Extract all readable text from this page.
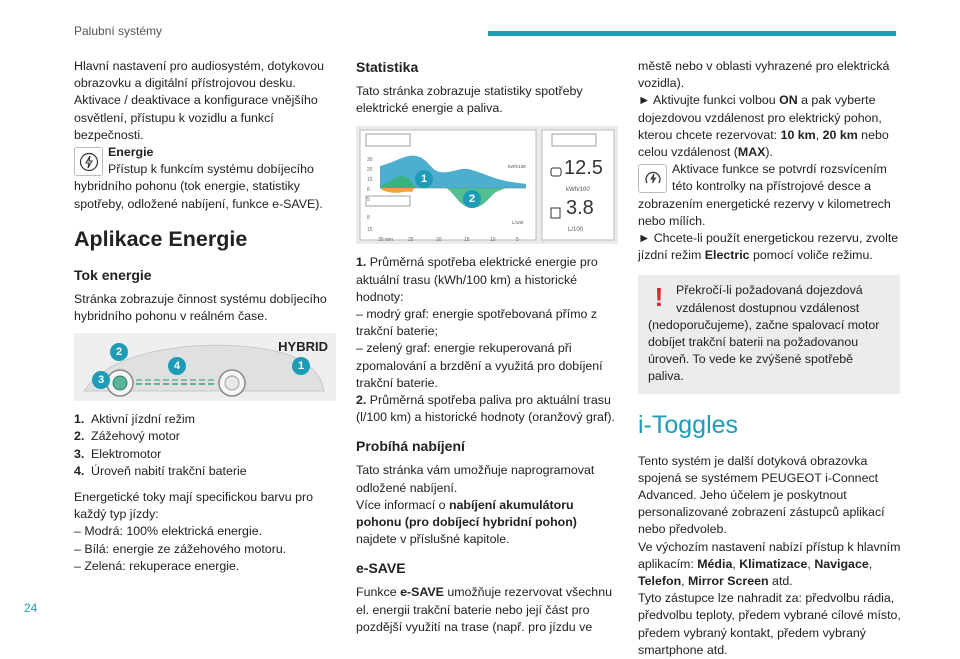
Palubní systémy
24

Hlavní nastavení pro audiosystém, dotykovou obrazovku a digitální přístrojovou desku.

Aktivace / deaktivace a konfigurace vnějšího osvětlení, přístupu k vozidlu a funkcí bezpečnosti.

Energie

Přístup k funkcím systému dobíjecího hybridního pohonu (tok energie, statistiky spotřeby, odložené nabíjení, funkce e-SAVE).

Aplikace Energie
Tok energie

Stránka zobrazuje činnost systému dobíjecího hybridního pohonu v reálném čase.

HYBRID
1
2
3
4
1. Aktivní jízdní režim
2. Zážehový motor
3. Elektromotor
4. Úroveň nabití trakční baterie

Energetické toky mají specifickou barvu pro každý typ jízdy:

– Modrá: 100% elektrická energie.

– Bílá: energie ze zážehového motoru.

– Zelená: rekuperace energie.

Statistika

Tato stránka zobrazuje statistiky spotřeby elektrické energie a paliva.

30
25
15
8
5
8
15
30 min	25	20	15	10	5
kWh/10E
L/10E
12.5
kWh/100
3.8
L/100
1
2

1. Průměrná spotřeba elektrické energie pro aktuální trasu (kWh/100 km) a historické hodnoty:

– modrý graf: energie spotřebovaná přímo z trakční baterie;

– zelený graf: energie rekuperovaná při zpomalování a brzdění a využitá pro dobíjení trakční baterie.

2. Průměrná spotřeba paliva pro aktuální trasu (l/100 km) a historické hodnoty (oranžový graf).

Probíhá nabíjení

Tato stránka vám umožňuje naprogramovat odložené nabíjení.

Více informací o nabíjení akumulátoru pohonu (pro dobíjecí hybridní pohon) najdete v příslušné kapitole.

e-SAVE

Funkce e-SAVE umožňuje rezervovat všechnu el. energii trakční baterie nebo její část pro pozdější využití na trase (např. pro jízdu ve

městě nebo v oblasti vyhrazené pro elektrická vozidla).

► Aktivujte funkci volbou ON a pak vyberte dojezdovou vzdálenost pro elektrický pohon, kterou chcete rezervovat: 10 km, 20 km nebo celou vzdálenost (MAX).

Aktivace funkce se potvrdí rozsvícením této kontrolky na přístrojové desce a zobrazením energetické rezervy v kilometrech nebo mílích.

► Chcete-li použít energetickou rezervu, zvolte jízdní režim Electric pomocí voliče režimu.

!	Překročí-li požadovaná dojezdová vzdálenost dostupnou vzdálenost (nedoporučujeme), začne spalovací motor dobíjet trakční baterii na požadovanou úroveň. To vede ke zvýšené spotřebě paliva.

i-Toggles

Tento systém je další dotyková obrazovka spojená se systémem PEUGEOT i-Connect Advanced. Jeho účelem je poskytnout personalizované zobrazení zástupců aplikací nebo předvoleb.

Ve výchozím nastavení nabízí přístup k hlavním aplikacím: Média, Klimatizace, Navigace, Telefon, Mirror Screen atd.

Tyto zástupce lze nahradit za: předvolbu rádia, předvolbu teploty, předem vybrané cílové místo, předem vybraný kontakt, předem vybraný smartphone atd.
